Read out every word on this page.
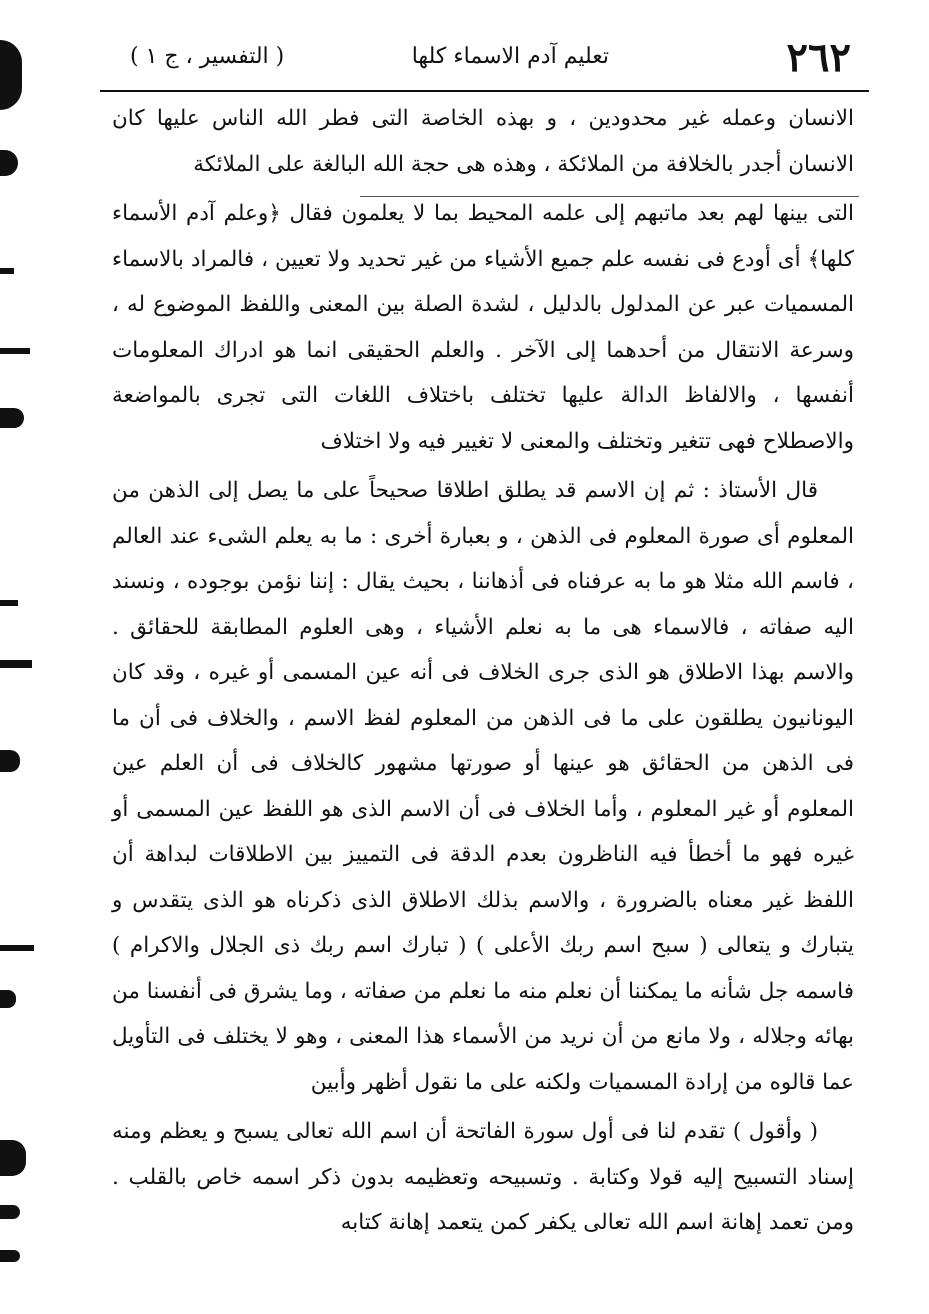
٢٦٢
تعليم آدم الاسماء كلها
( التفسير ، ج ١ )

الانسان وعمله غير محدودين ، و بهذه الخاصة التى فطر الله الناس عليها كان الانسان أجدر بالخلافة من الملائكة ، وهذه هى حجة الله البالغة على الملائكة

التى بينها لهم بعد ماتبهم إلى علمه المحيط بما لا يعلمون فقال ﴿وعلم آدم الأسماء كلها﴾ أى أودع فى نفسه علم جميع الأشياء من غير تحديد ولا تعيين ، فالمراد بالاسماء المسميات عبر عن المدلول بالدليل ، لشدة الصلة بين المعنى واللفظ الموضوع له ، وسرعة الانتقال من أحدهما إلى الآخر . والعلم الحقيقى انما هو ادراك المعلومات أنفسها ، والالفاظ الدالة عليها تختلف باختلاف اللغات التى تجرى بالمواضعة والاصطلاح فهى تتغير وتختلف والمعنى لا تغيير فيه ولا اختلاف

قال الأستاذ : ثم إن الاسم قد يطلق اطلاقا صحيحاً على ما يصل إلى الذهن من المعلوم أى صورة المعلوم فى الذهن ، و بعبارة أخرى : ما به يعلم الشىء عند العالم ، فاسم الله مثلا هو ما به عرفناه فى أذهاننا ، بحيث يقال : إننا نؤمن بوجوده ، ونسند اليه صفاته ، فالاسماء هى ما به نعلم الأشياء ، وهى العلوم المطابقة للحقائق . والاسم بهذا الاطلاق هو الذى جرى الخلاف فى أنه عين المسمى أو غيره ، وقد كان اليونانيون يطلقون على ما فى الذهن من المعلوم لفظ الاسم ، والخلاف فى أن ما فى الذهن من الحقائق هو عينها أو صورتها مشهور كالخلاف فى أن العلم عين المعلوم أو غير المعلوم ، وأما الخلاف فى أن الاسم الذى هو اللفظ عين المسمى أو غيره فهو ما أخطأ فيه الناظرون بعدم الدقة فى التمييز بين الاطلاقات لبداهة أن اللفظ غير معناه بالضرورة ، والاسم بذلك الاطلاق الذى ذكرناه هو الذى يتقدس و يتبارك و يتعالى ( سبح اسم ربك الأعلى ) ( تبارك اسم ربك ذى الجلال والاكرام ) فاسمه جل شأنه ما يمكننا أن نعلم منه ما نعلم من صفاته ، وما يشرق فى أنفسنا من بهائه وجلاله ، ولا مانع من أن نريد من الأسماء هذا المعنى ، وهو لا يختلف فى التأويل عما قالوه من إرادة المسميات ولكنه على ما نقول أظهر وأبين

( وأقول ) تقدم لنا فى أول سورة الفاتحة أن اسم الله تعالى يسبح و يعظم ومنه إسناد التسبيح إليه قولا وكتابة . وتسبيحه وتعظيمه بدون ذكر اسمه خاص بالقلب . ومن تعمد إهانة اسم الله تعالى يكفر كمن يتعمد إهانة كتابه
